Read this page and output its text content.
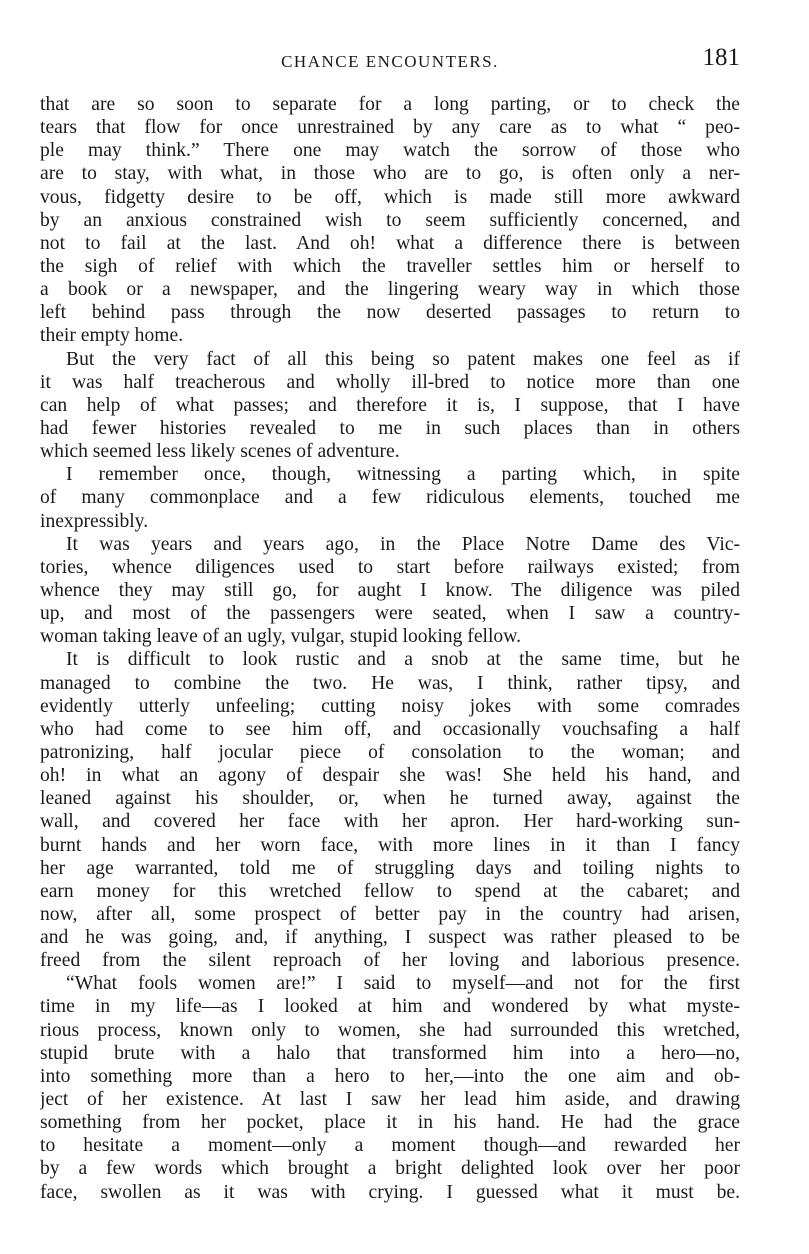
CHANCE ENCOUNTERS.	181
that are so soon to separate for a long parting, or to check the
tears that flow for once unrestrained by any care as to what “ peo-
ple may think.” There one may watch the sorrow of those who
are to stay, with what, in those who are to go, is often only a ner-
vous, fidgetty desire to be off, which is made still more awkward
by an anxious constrained wish to seem sufficiently concerned, and
not to fail at the last. And oh! what a difference there is between
the sigh of relief with which the traveller settles him or herself to
a book or a newspaper, and the lingering weary way in which those
left behind pass through the now deserted passages to return to
their empty home.
But the very fact of all this being so patent makes one feel as if
it was half treacherous and wholly ill-bred to notice more than one
can help of what passes; and therefore it is, I suppose, that I have
had fewer histories revealed to me in such places than in others
which seemed less likely scenes of adventure.
I remember once, though, witnessing a parting which, in spite
of many commonplace and a few ridiculous elements, touched me
inexpressibly.
It was years and years ago, in the Place Notre Dame des Vic-
tories, whence diligences used to start before railways existed; from
whence they may still go, for aught I know. The diligence was piled
up, and most of the passengers were seated, when I saw a country-
woman taking leave of an ugly, vulgar, stupid looking fellow.
It is difficult to look rustic and a snob at the same time, but he
managed to combine the two. He was, I think, rather tipsy, and
evidently utterly unfeeling; cutting noisy jokes with some comrades
who had come to see him off, and occasionally vouchsafing a half
patronizing, half jocular piece of consolation to the woman; and
oh! in what an agony of despair she was! She held his hand, and
leaned against his shoulder, or, when he turned away, against the
wall, and covered her face with her apron. Her hard-working sun-
burnt hands and her worn face, with more lines in it than I fancy
her age warranted, told me of struggling days and toiling nights to
earn money for this wretched fellow to spend at the cabaret; and
now, after all, some prospect of better pay in the country had arisen,
and he was going, and, if anything, I suspect was rather pleased to be
freed from the silent reproach of her loving and laborious presence.
“What fools women are!” I said to myself—and not for the first
time in my life—as I looked at him and wondered by what myste-
rious process, known only to women, she had surrounded this wretched,
stupid brute with a halo that transformed him into a hero—no,
into something more than a hero to her,—into the one aim and ob-
ject of her existence. At last I saw her lead him aside, and drawing
something from her pocket, place it in his hand. He had the grace
to hesitate a moment—only a moment though—and rewarded her
by a few words which brought a bright delighted look over her poor
face, swollen as it was with crying. I guessed what it must be.
